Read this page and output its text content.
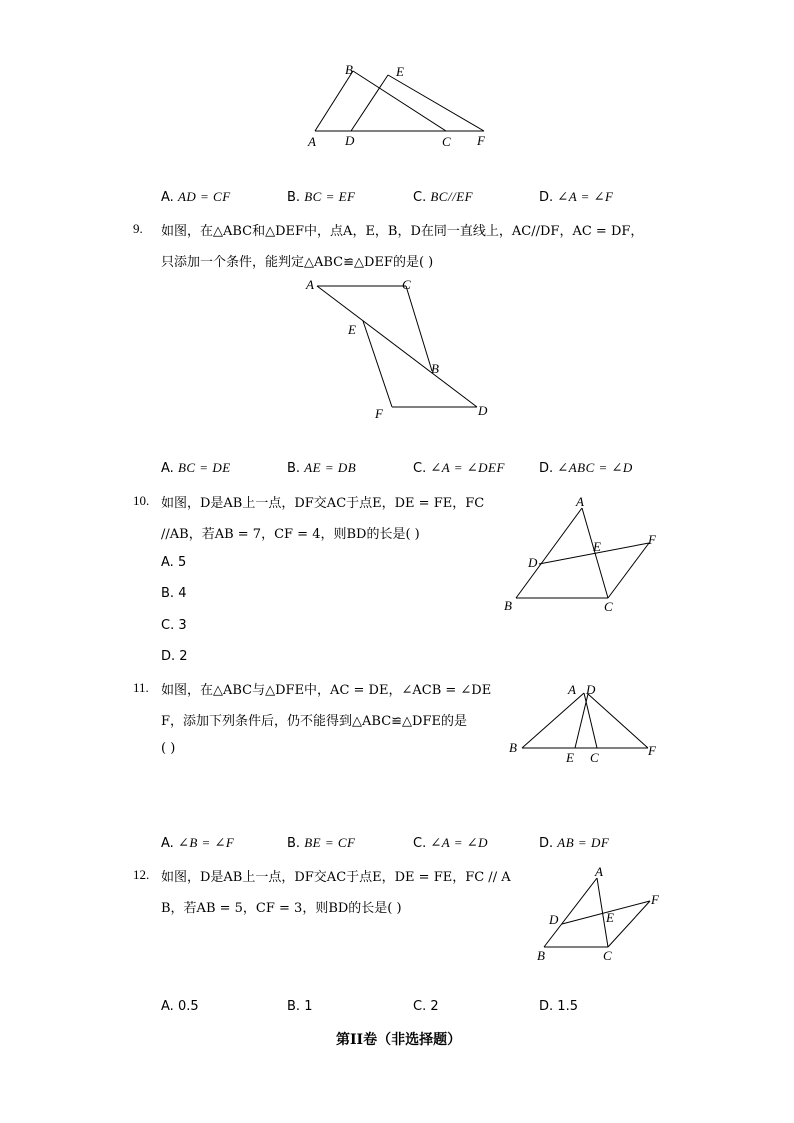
B	E
A D	C F
A. AD = CF	B. BC = EF	C. BC//EF	D. ∠A = ∠F
9. 如图，在△ABC和△DEF中，点A，E，B，D在同一直线上，AC//DF，AC = DF，
只添加一个条件，能判定△ABC≌△DEF的是( )
A	C
E
B
F	D
A. BC = DE	B. AE = DB	C. ∠A = ∠DEF	D. ∠ABC = ∠D
10. 如图，D是AB上一点，DF交AC于点E，DE = FE，FC
//AB，若AB = 7，CF = 4，则BD的长是( )
A. 5
B. 4
C. 3
D. 2
A
F
E
D
B	C
11. 如图，在△ABC与△DFE中，AC = DE，∠ACB = ∠DE
F，添加下列条件后，仍不能得到△ABC≌△DFE的是
( )
A D
B
E C	F
A. ∠B = ∠F	B. BE = CF	C. ∠A = ∠D	D. AB = DF
12. 如图，D是AB上一点，DF交AC于点E，DE = FE，FC // A
B，若AB = 5，CF = 3，则BD的长是( )
A
F
E
D
B	C
A. 0.5	B. 1	C. 2	D. 1.5
第II卷（非选择题）
